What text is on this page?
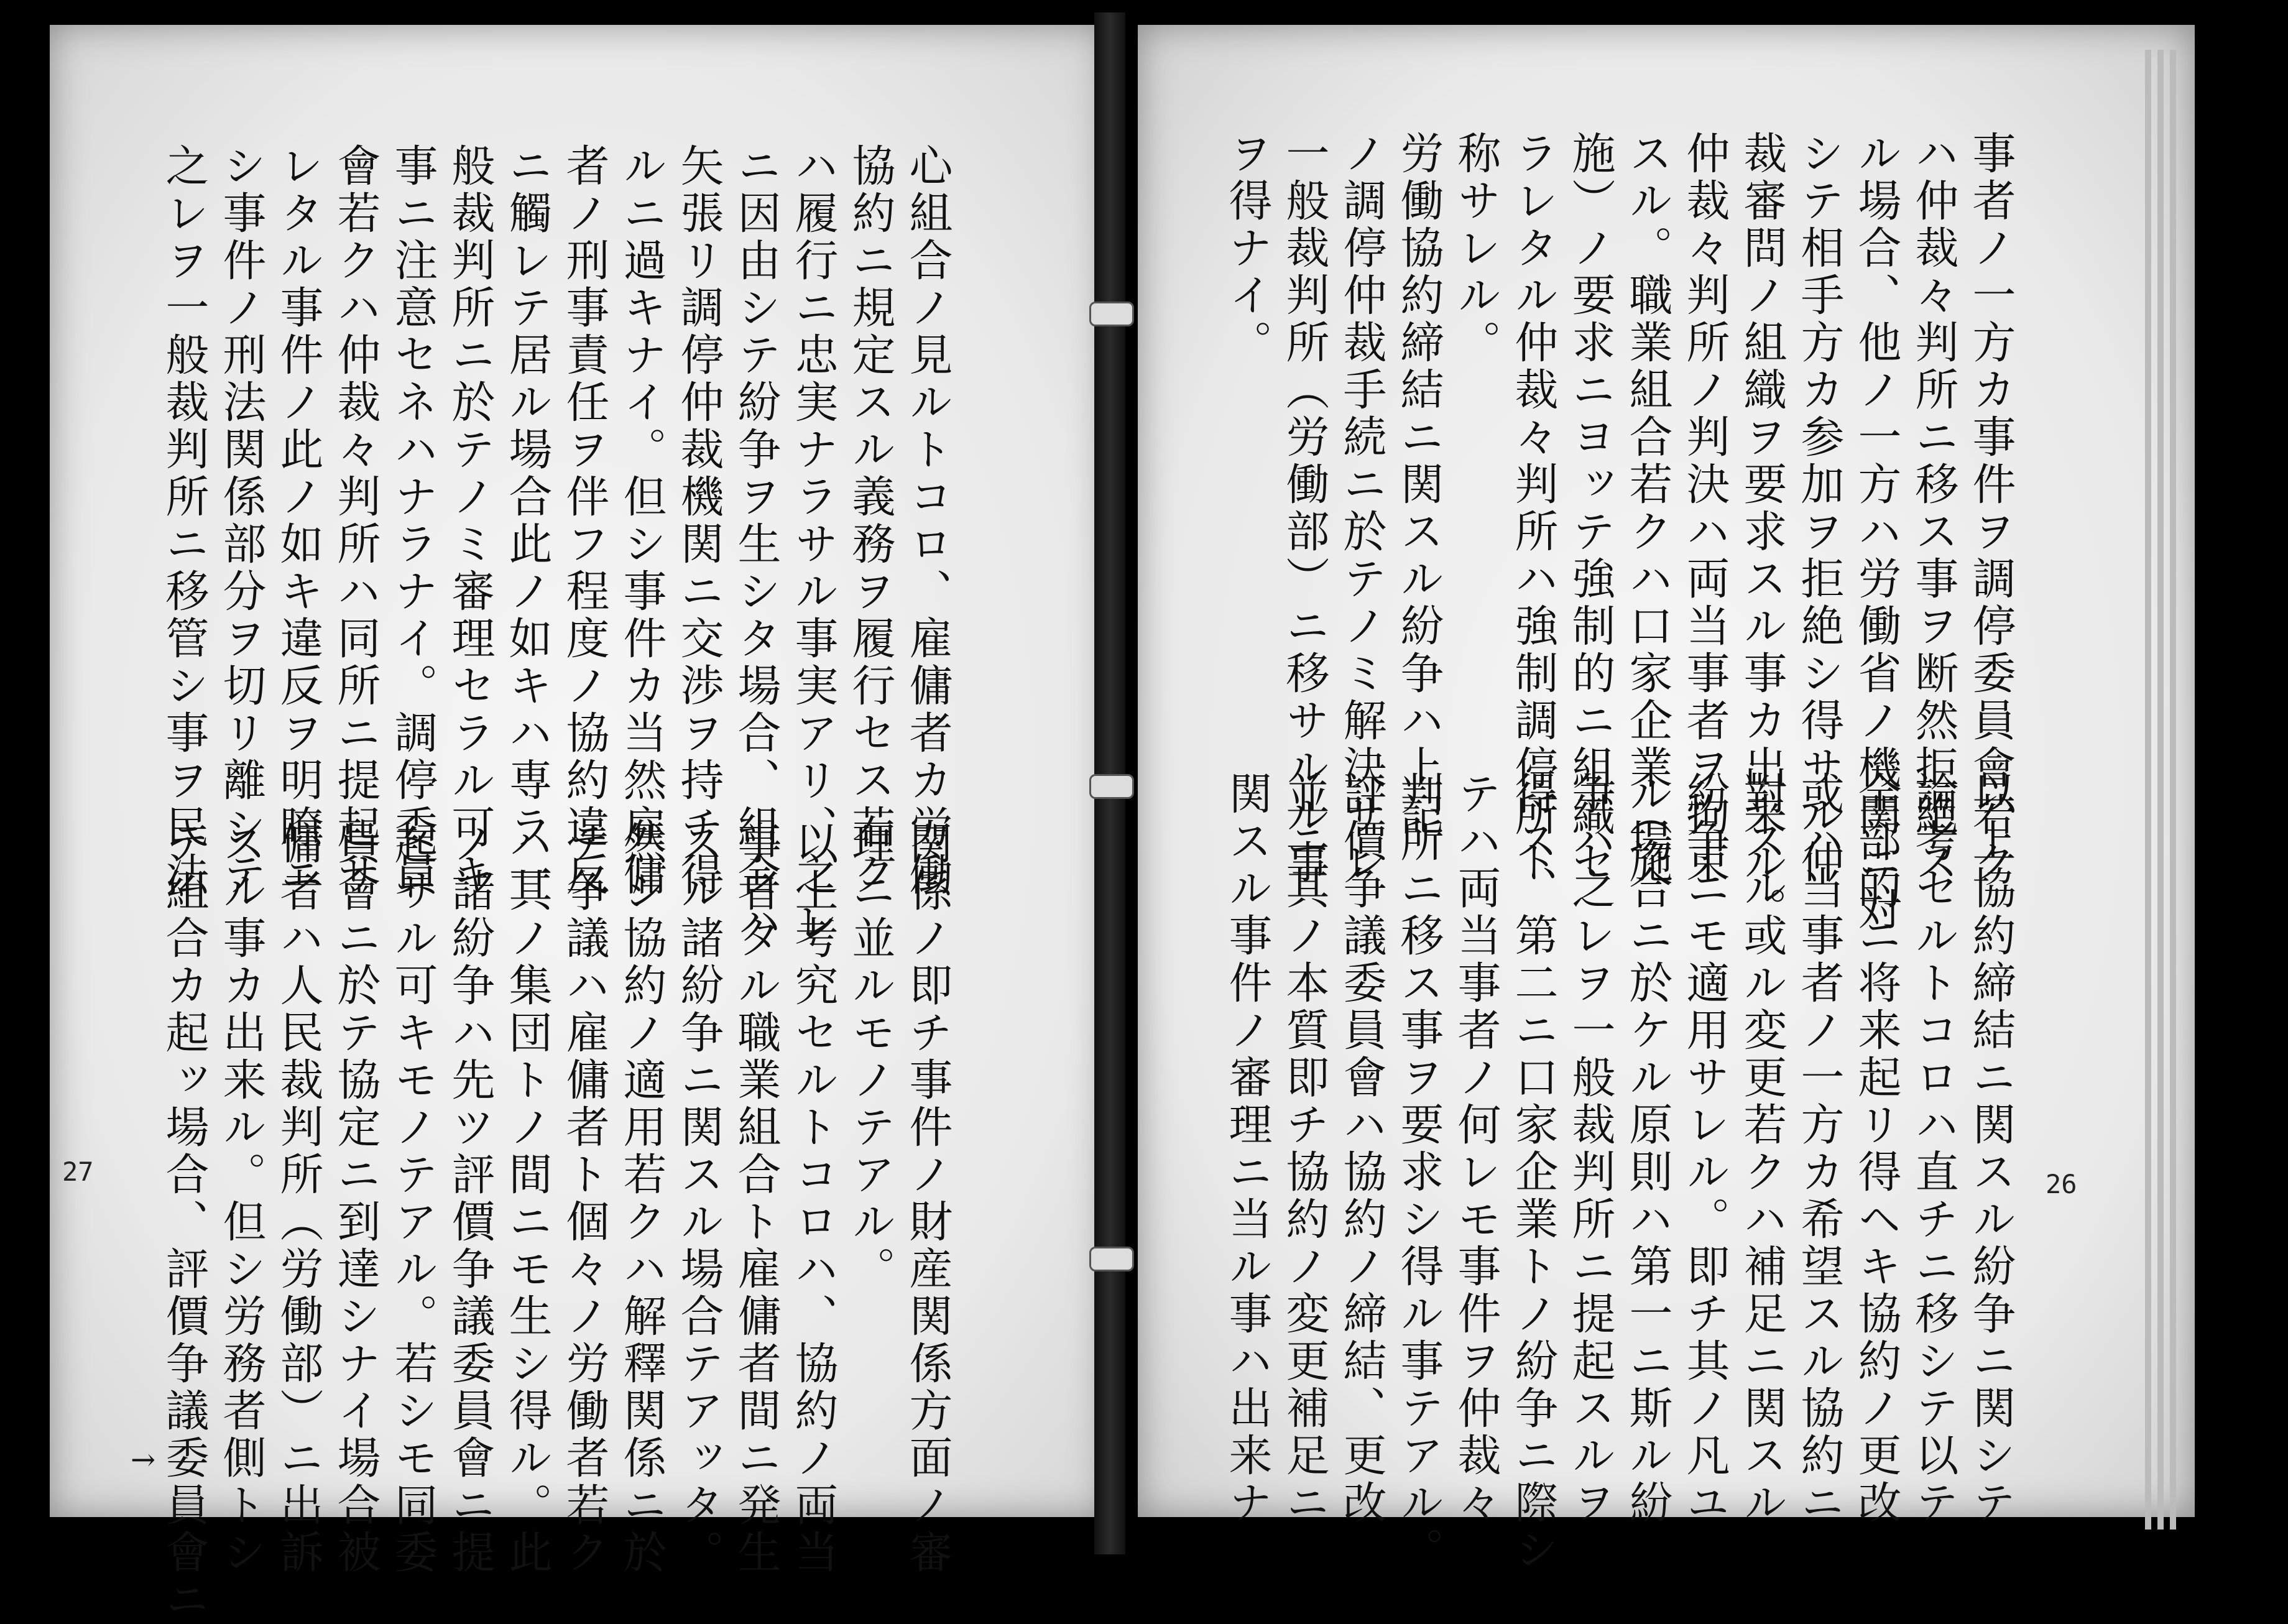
心組合ノ見ルトコロ、雇傭者カ労働
協約ニ規定スル義務ヲ履行セス若ク
ハ履行ニ忠実ナラサル事実アリ、之レ
ニ因由シテ紛争ヲ生シタ場合、組合ハ
矢張リ調停仲裁機関ニ交渉ヲ持チ得
ルニ過キナイ。但シ事件カ当然雇傭
者ノ刑事責任ヲ伴フ程度ノ協約違反
ニ觸レテ居ル場合此ノ如キハ専ラ一
般裁判所ニ於テノミ審理セラル可キ
事ニ注意セネハナラナイ。調停委員
會若クハ仲裁々判所ハ同所ニ提起サ
レタル事件ノ此ノ如キ違反ヲ明瞭ニ
シ事件ノ刑法関係部分ヲ切リ離シテ
之レヲ一般裁判所ニ移管シ事ヲ民法
関係ノ即チ事件ノ財産関係方面ノ審
理ニ並ルモノテアル。
以上考究セルトコロハ、協約ノ両当
事者タル職業組合ト雇傭者間ニ発生
スル諸紛争ニ関スル場合テアッタ。
然シ協約ノ適用若クハ解釋関係ニ於
テ争議ハ雇傭者ト個々ノ労働者若ク
ハ其ノ集団トノ間ニモ生シ得ル。此
ノ諸紛争ハ先ツ評價争議委員會ニ提
起サル可キモノテアル。若シモ同委
員會ニ於テ協定ニ到達シナイ場合被
傭者ハ人民裁判所（労働部）ニ出訴
スル事カ出来ル。但シ労務者側トシ
テ組合カ起ッ場合、評價争議委員會ニ
27
→
事者ノ一方カ事件ヲ調停委員會若ク
ハ仲裁々判所ニ移ス事ヲ断然拒絶ス
ル場合、他ノ一方ハ労働省ノ機関ニ対
シテ相手方カ参加ヲ拒絶シ得サル仲
裁審問ノ組織ヲ要求スル事カ出来ル。
仲裁々判所ノ判決ハ両当事者ヲ拘束
スル。職業組合若クハ口家企業（施
施）ノ要求ニヨッテ強制的ニ組織セ
ラレタル仲裁々判所ハ強制調停所ト
称サレル。
労働協約締結ニ関スル紛争ハ上記
ノ調停仲裁手続ニ於テノミ解決サレ
一般裁判所（労働部）ニ移サルル事
ヲ得ナイ。
以上協約締結ニ関スル紛争ニ関シテ
論考セルトコロハ直チニ移シテ以テ
全部的ニ将来起リ得ヘキ協約ノ更改
或ハ当事者ノ一方カ希望スル協約ニ
對スル或ル変更若クハ補足ニ関スル
紛争ニモ適用サレル。即チ其ノ凡ユ
ル場合ニ於ケル原則ハ第一ニ斯ル紛
争ハ之レヲ一般裁判所ニ提起スルヲ
得ス、第二ニ口家企業トノ紛争ニ際シ
テハ両当事者ノ何レモ事件ヲ仲裁々
判所ニ移ス事ヲ要求シ得ル事テアル。
評價争議委員會ハ協約ノ締結、更改
並ニ其ノ本質即チ協約ノ変更補足ニ
関スル事件ノ審理ニ当ル事ハ出来ナ	26
